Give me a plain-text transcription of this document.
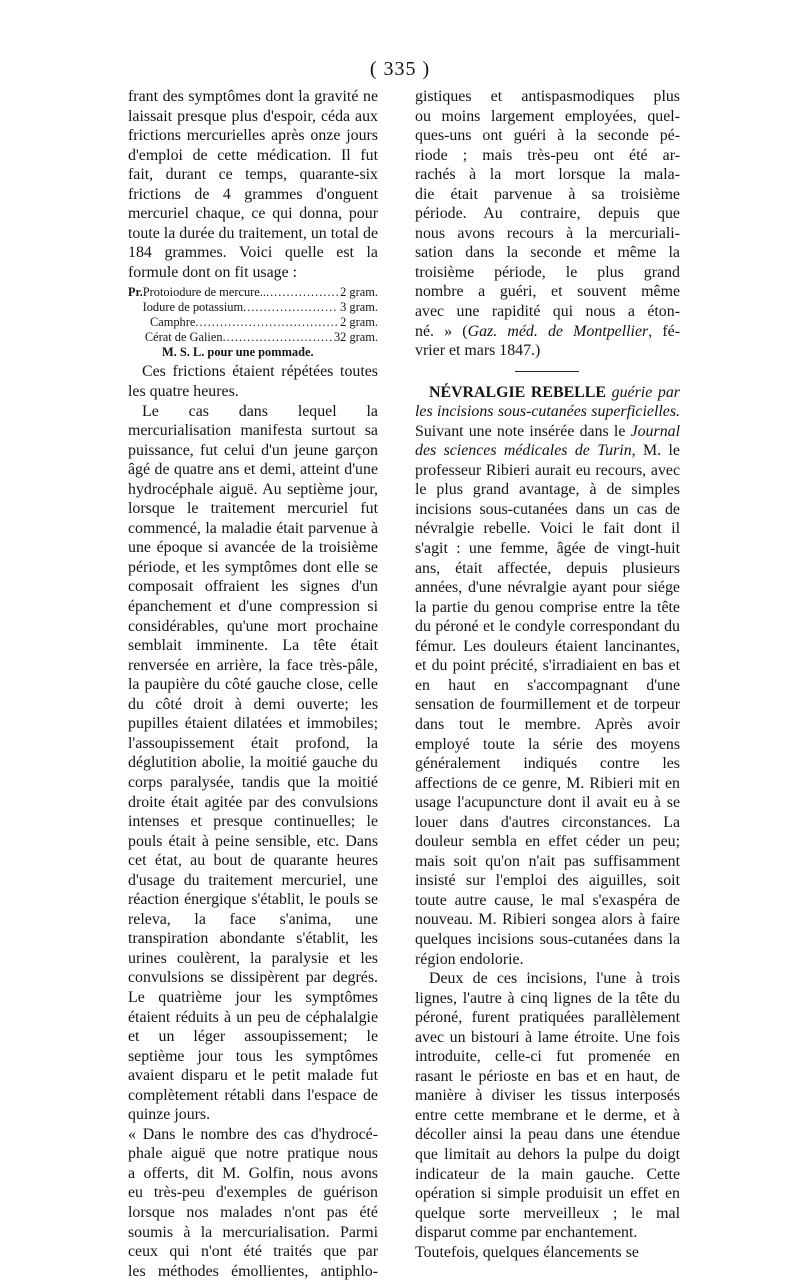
( 335 )

frant des symptômes dont la gravité ne laissait presque plus d'espoir, céda aux frictions mercurielles après onze jours d'emploi de cette médication. Il fut fait, durant ce temps, quarante-six frictions de 4 grammes d'onguent mercuriel chaque, ce qui donna, pour toute la durée du traitement, un total de 184 grammes. Voici quelle est la formule dont on fit usage :

Pr. Protoiodure de mercure.. .....	2 gram.
Iodure de potassium .....	3 gram.
Camphre .....	2 gram.
Cérat de Galien .....	32 gram.
M. S. L. pour une pommade.

Ces frictions étaient répétées toutes les quatre heures.

Le cas dans lequel la mercurialisation manifesta surtout sa puissance, fut celui d'un jeune garçon âgé de quatre ans et demi, atteint d'une hydrocéphale aiguë. Au septième jour, lorsque le traitement mercuriel fut commencé, la maladie était parvenue à une époque si avancée de la troisième période, et les symptômes dont elle se composait offraient les signes d'un épanchement et d'une compression si considérables, qu'une mort prochaine semblait imminente. La tête était renversée en arrière, la face très-pâle, la paupière du côté gauche close, celle du côté droit à demi ouverte; les pupilles étaient dilatées et immobiles; l'assoupissement était profond, la déglutition abolie, la moitié gauche du corps paralysée, tandis que la moitié droite était agitée par des convulsions intenses et presque continuelles; le pouls était à peine sensible, etc. Dans cet état, au bout de quarante heures d'usage du traitement mercuriel, une réaction énergique s'établit, le pouls se releva, la face s'anima, une transpiration abondante s'établit, les urines coulèrent, la paralysie et les convulsions se dissipèrent par degrés. Le quatrième jour les symptômes étaient réduits à un peu de céphalalgie et un léger assoupissement; le septième jour tous les symptômes avaient disparu et le petit malade fut complètement rétabli dans l'espace de quinze jours.

« Dans le nombre des cas d'hydrocé-
phale aiguë que notre pratique nous
a offerts, dit M. Golfin, nous avons
eu très-peu d'exemples de guérison
lorsque nos malades n'ont pas été
soumis à la mercurialisation. Parmi
ceux qui n'ont été traités que par
les méthodes émollientes, antiphlo-

gistiques et antispasmodiques plus
ou moins largement employées, quel-
ques-uns ont guéri à la seconde pé-
riode ; mais très-peu ont été ar-
rachés à la mort lorsque la mala-
die était parvenue à sa troisième
période. Au contraire, depuis que
nous avons recours à la mercuriali-
sation dans la seconde et même la
troisième période, le plus grand
nombre a guéri, et souvent même
avec une rapidité qui nous a éton-
né. » (Gaz. méd. de Montpellier, fé-
vrier et mars 1847.)

NÉVRALGIE REBELLE guérie par les incisions sous-cutanées superficielles. Suivant une note insérée dans le Journal des sciences médicales de Turin, M. le professeur Ribieri aurait eu recours, avec le plus grand avantage, à de simples incisions sous-cutanées dans un cas de névralgie rebelle. Voici le fait dont il s'agit : une femme, âgée de vingt-huit ans, était affectée, depuis plusieurs années, d'une névralgie ayant pour siége la partie du genou comprise entre la tête du péroné et le condyle correspondant du fémur. Les douleurs étaient lancinantes, et du point précité, s'irradiaient en bas et en haut en s'accompagnant d'une sensation de fourmillement et de torpeur dans tout le membre. Après avoir employé toute la série des moyens généralement indiqués contre les affections de ce genre, M. Ribieri mit en usage l'acupuncture dont il avait eu à se louer dans d'autres circonstances. La douleur sembla en effet céder un peu; mais soit qu'on n'ait pas suffisamment insisté sur l'emploi des aiguilles, soit toute autre cause, le mal s'exaspéra de nouveau. M. Ribieri songea alors à faire quelques incisions sous-cutanées dans la région endolorie.

Deux de ces incisions, l'une à trois lignes, l'autre à cinq lignes de la tête du péroné, furent pratiquées parallèlement avec un bistouri à lame étroite. Une fois introduite, celle-ci fut promenée en rasant le périoste en bas et en haut, de manière à diviser les tissus interposés entre cette membrane et le derme, et à décoller ainsi la peau dans une étendue que limitait au dehors la pulpe du doigt indicateur de la main gauche. Cette opération si simple produisit un effet en quelque sorte merveilleux ; le mal disparut comme par enchantement.

Toutefois, quelques élancements se
